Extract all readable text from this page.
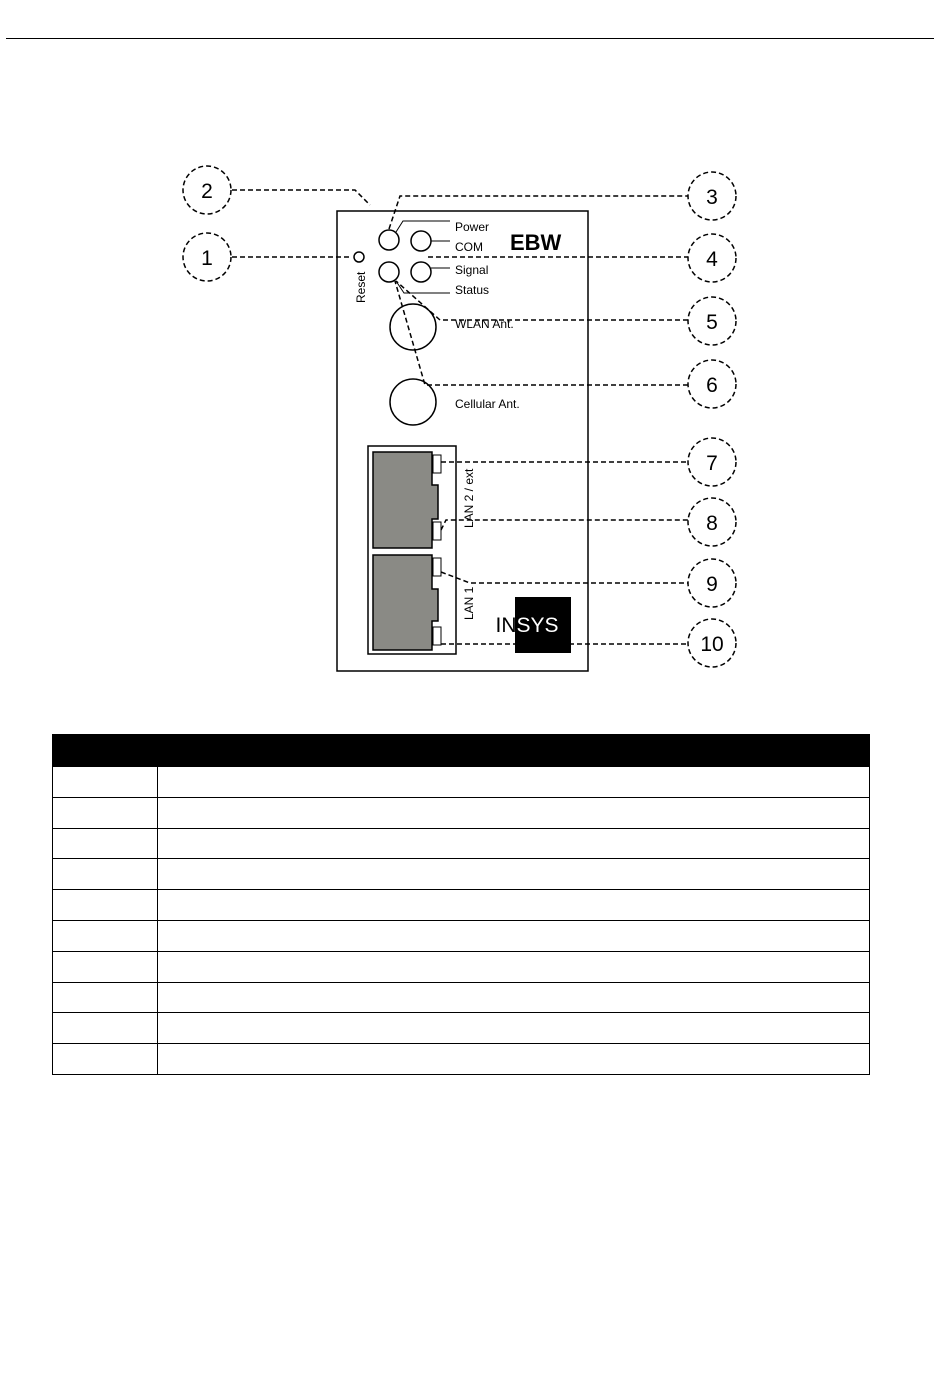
INSYS
Power
COM
Signal
Status
WLAN Ant.
Cellular Ant.
EBW
Reset
LAN 2 / ext
LAN 1
1
2	3
4
5
6
7
8
9
10
